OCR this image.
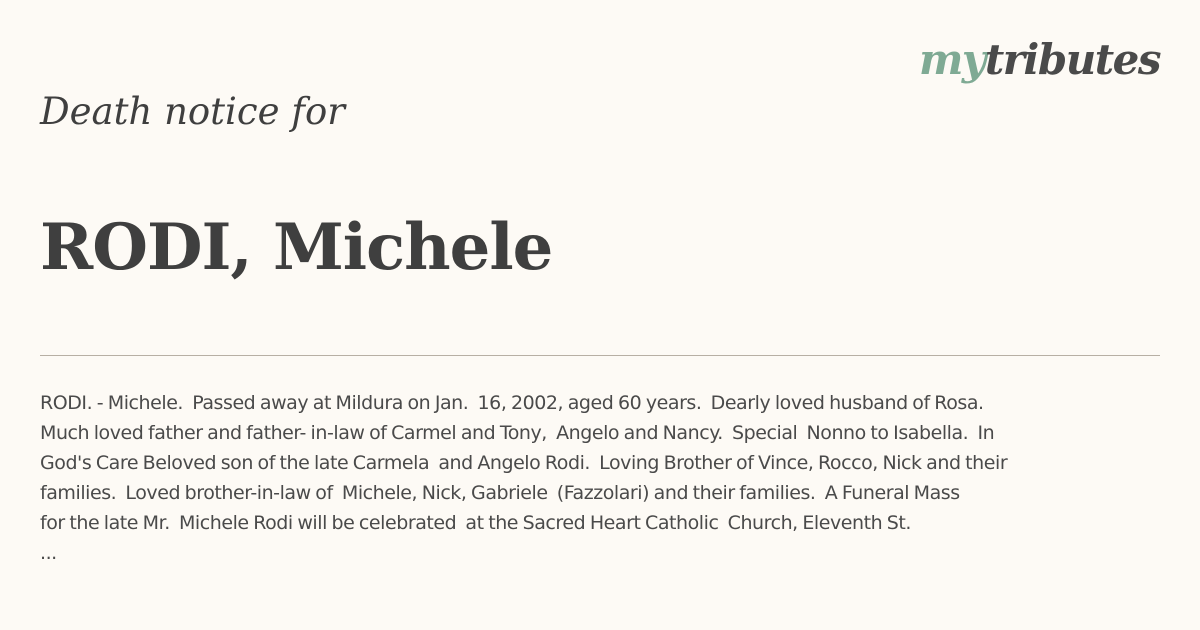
mytributes
Death notice for
RODI, Michele
RODI. - Michele.  Passed away at Mildura on Jan.  16, 2002, aged 60 years.  Dearly loved husband of Rosa.
Much loved father and father- in-law of Carmel and Tony,  Angelo and Nancy.  Special  Nonno to Isabella.  In
God's Care Beloved son of the late Carmela  and Angelo Rodi.  Loving Brother of Vince, Rocco, Nick and their
families.  Loved brother-in-law of  Michele, Nick, Gabriele  (Fazzolari) and their families.  A Funeral Mass
for the late Mr.  Michele Rodi will be celebrated  at the Sacred Heart Catholic  Church, Eleventh St.
...
